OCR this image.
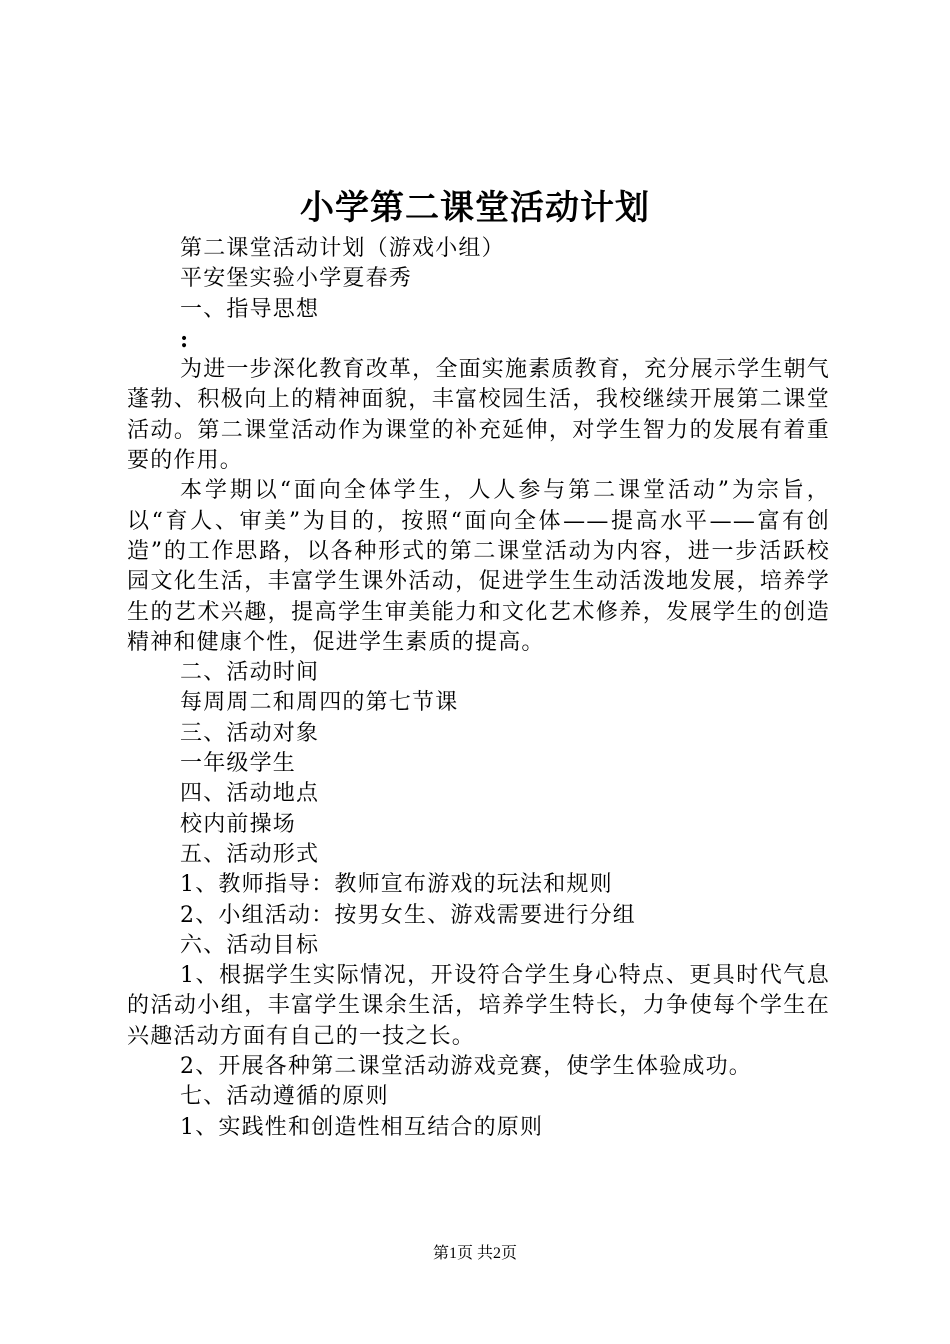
小学第二课堂活动计划
第二课堂活动计划（游戏小组）
平安堡实验小学夏春秀
一、指导思想
:
为进一步深化教育改革，全面实施素质教育，充分展示学生朝气蓬勃、积极向上的精神面貌，丰富校园生活，我校继续开展第二课堂活动。第二课堂活动作为课堂的补充延伸，对学生智力的发展有着重要的作用。
本学期以“面向全体学生，人人参与第二课堂活动”为宗旨，以“育人、审美”为目的，按照“面向全体——提高水平——富有创造”的工作思路，以各种形式的第二课堂活动为内容，进一步活跃校园文化生活，丰富学生课外活动，促进学生生动活泼地发展，培养学生的艺术兴趣，提高学生审美能力和文化艺术修养，发展学生的创造精神和健康个性，促进学生素质的提高。
二、活动时间
每周周二和周四的第七节课
三、活动对象
一年级学生
四、活动地点
校内前操场
五、活动形式
1、教师指导：教师宣布游戏的玩法和规则
2、小组活动：按男女生、游戏需要进行分组
六、活动目标
1、根据学生实际情况，开设符合学生身心特点、更具时代气息的活动小组，丰富学生课余生活，培养学生特长，力争使每个学生在兴趣活动方面有自己的一技之长。
2、开展各种第二课堂活动游戏竞赛，使学生体验成功。
七、活动遵循的原则
1、实践性和创造性相互结合的原则
第1页 共2页
